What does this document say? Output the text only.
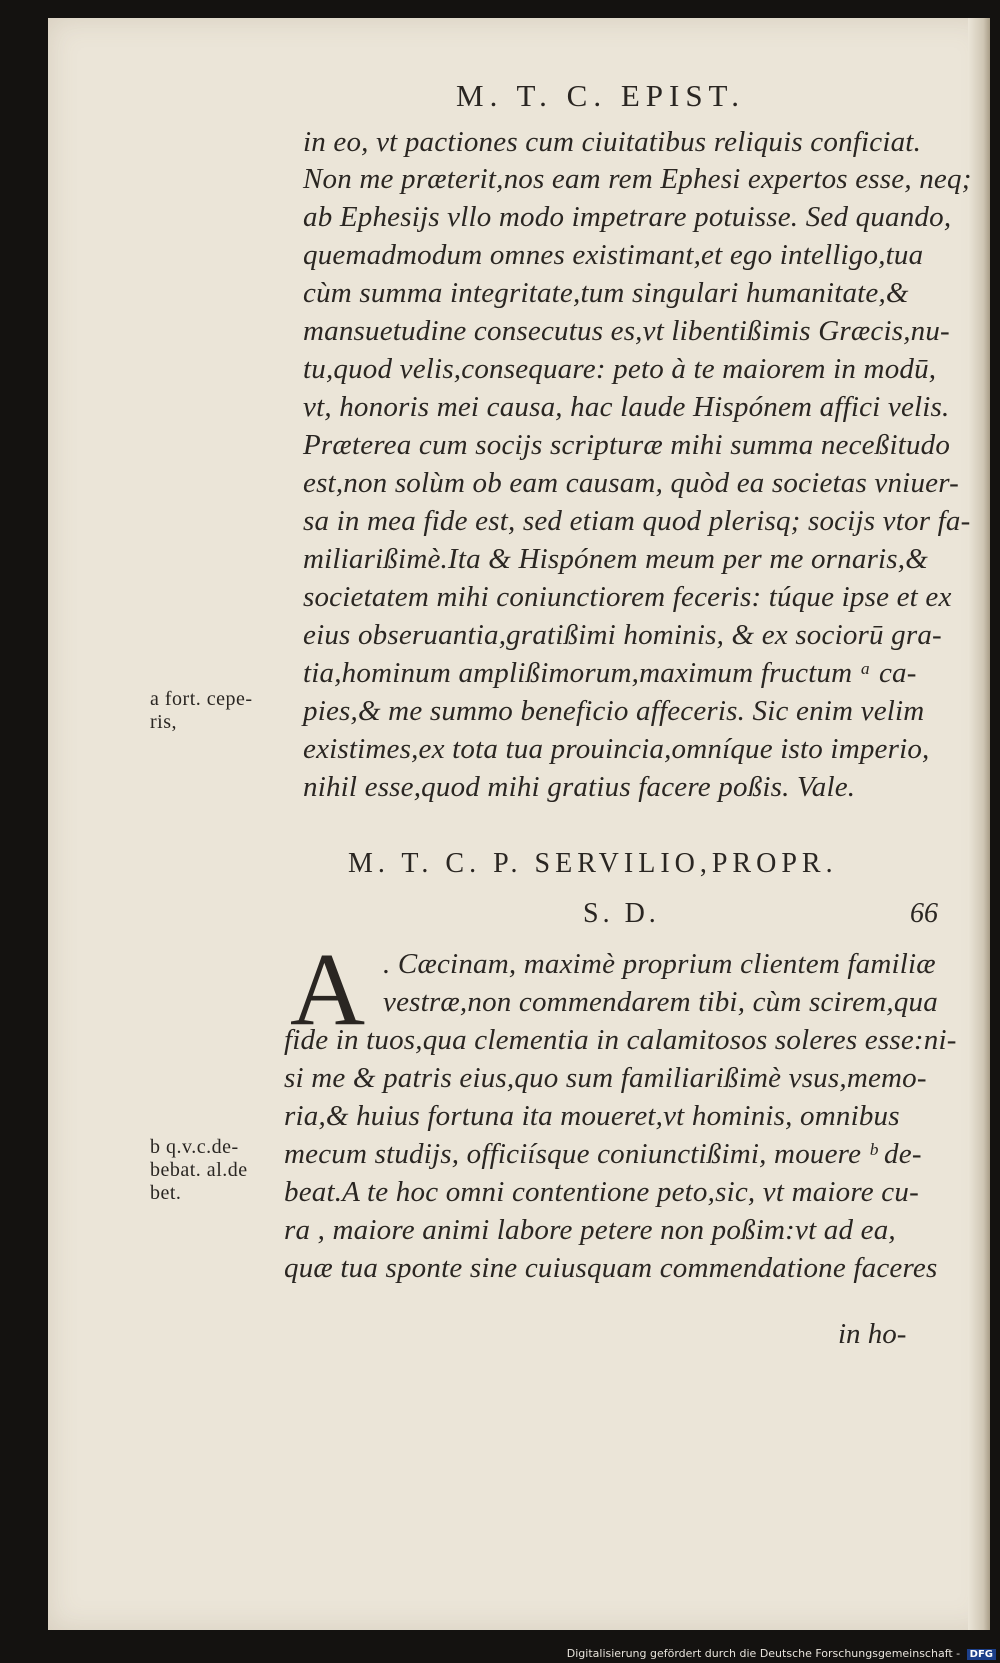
M. T. C. EPIST.
in eo, vt pactiones cum ciuitatibus reliquis conficiat.
Non me præterit,nos eam rem Ephesi expertos esse, neq;
ab Ephesijs vllo modo impetrare potuisse. Sed quando,
quemadmodum omnes existimant,et ego intelligo,tua
cùm summa integritate,tum singulari humanitate,&
mansuetudine consecutus es,vt libentißimis Græcis,nu-
tu,quod velis,consequare: peto à te maiorem in modū,
vt, honoris mei causa, hac laude Hispónem affici velis.
Præterea cum socijs scripturæ mihi summa neceßitudo
est,non solùm ob eam causam, quòd ea societas vniuer-
sa in mea fide est, sed etiam quod plerisq; socijs vtor fa-
miliarißimè.Ita & Hispónem meum per me ornaris,&
societatem mihi coniunctiorem feceris: túque ipse et ex
eius obseruantia,gratißimi hominis, & ex sociorū gra-
tia,hominum amplißimorum,maximum fructum ᵃ ca-
pies,& me summo beneficio affeceris. Sic enim velim
existimes,ex tota tua prouincia,omníque isto imperio,
nihil esse,quod mihi gratius facere poßis. Vale.
a fort. cepe-
ris,
M. T. C. P. SERVILIO,PROPR.
S. D.	66
A . Cæcinam, maximè proprium clientem familiæ
vestræ,non commendarem tibi, cùm scirem,qua
fide in tuos,qua clementia in calamitosos soleres esse:ni-
si me & patris eius,quo sum familiarißimè vsus,memo-
ria,& huius fortuna ita moueret,vt hominis, omnibus
mecum studijs, officiísque coniunctißimi, mouere ᵇ de-
beat.A te hoc omni contentione peto,sic, vt maiore cu-
ra , maiore animi labore petere non poßim:vt ad ea,
quæ tua sponte sine cuiusquam commendatione faceres
b q.v.c.de-
bebat. al.de
bet.
in ho-
Digitalisierung gefördert durch die Deutsche Forschungsgemeinschaft - DFG
